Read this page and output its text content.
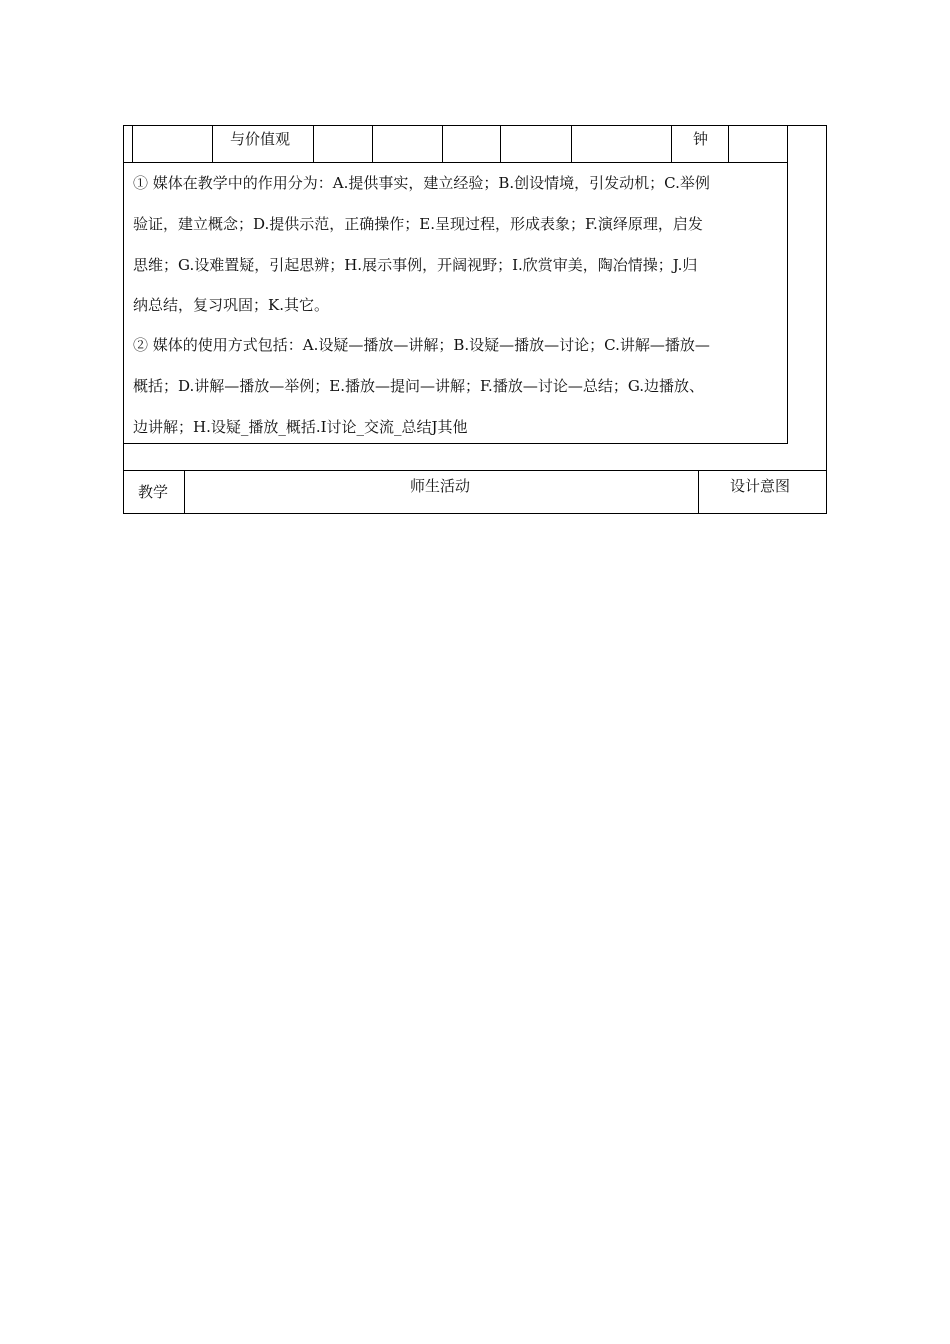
与价值观	钟

① 媒体在教学中的作用分为：A.提供事实，建立经验；B.创设情境，引发动机；C.举例

验证，建立概念；D.提供示范，正确操作；E.呈现过程，形成表象；F.演绎原理，启发

思维；G.设难置疑，引起思辨；H.展示事例，开阔视野；I.欣赏审美，陶冶情操；J.归

纳总结，复习巩固；K.其它。

② 媒体的使用方式包括：A.设疑—播放—讲解；B.设疑—播放—讨论；C.讲解—播放—

概括；D.讲解—播放—举例；E.播放—提问—讲解；F.播放—讨论—总结；G.边播放、

边讲解；H.设疑_播放_概括.I讨论_交流_总结J其他

教学	师生活动	设计意图
